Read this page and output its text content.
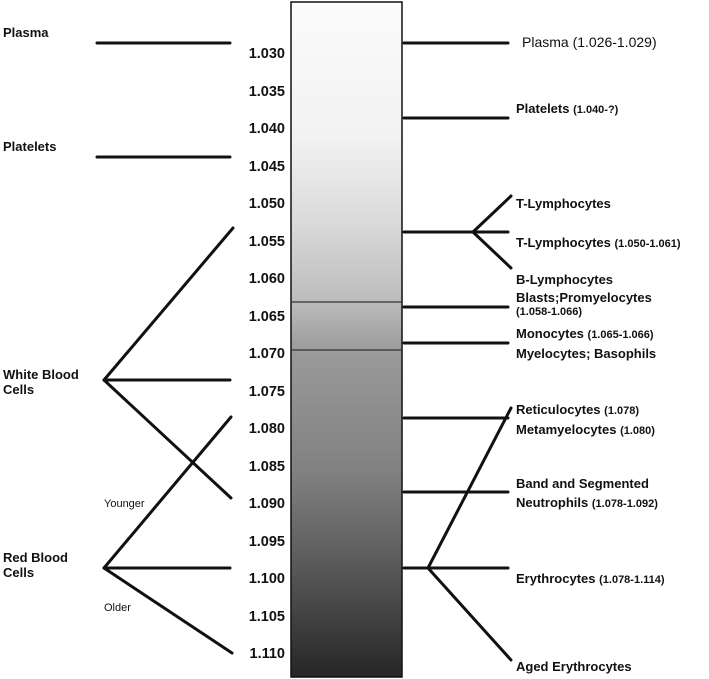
1.030
1.035
1.040
1.045
1.050
1.055
1.060
1.065
1.070
1.075
1.080
1.085
1.090
1.095
1.100
1.105
1.110
Plasma
Platelets
White Blood
Cells
Red Blood
Cells
Younger
Older
Plasma (1.026-1.029)
Platelets (1.040-?)
T-Lymphocytes
T-Lymphocytes (1.050-1.061)
B-Lymphocytes
Blasts;Promyelocytes
(1.058-1.066)
Monocytes (1.065-1.066)
Myelocytes; Basophils
Reticulocytes (1.078)
Metamyelocytes (1.080)
Band and Segmented
Neutrophils (1.078-1.092)
Erythrocytes (1.078-1.114)
Aged Erythrocytes
